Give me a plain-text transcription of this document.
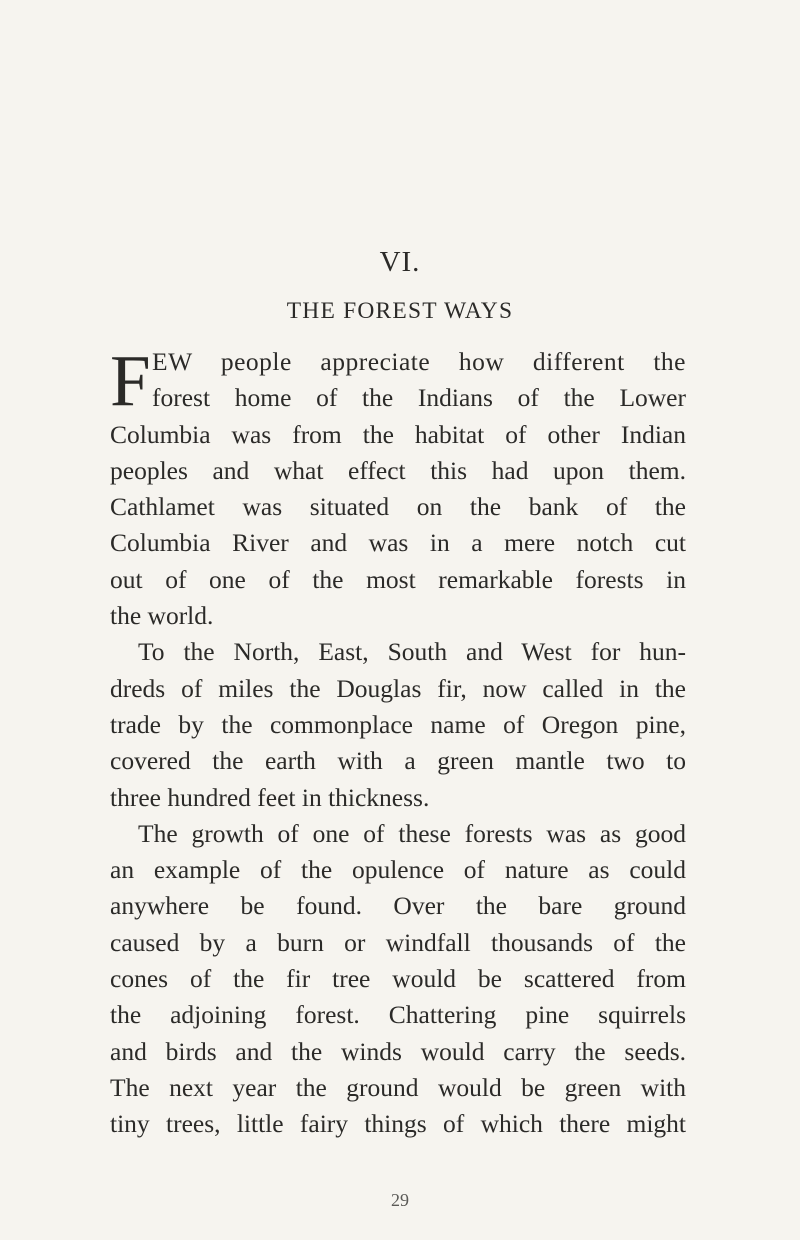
VI.
THE FOREST WAYS
F EW people appreciate how different the
forest home of the Indians of the Lower
Columbia was from the habitat of other Indian
peoples and what effect this had upon them.
Cathlamet was situated on the bank of the
Columbia River and was in a mere notch cut
out of one of the most remarkable forests in
the world.
To the North, East, South and West for hun-
dreds of miles the Douglas fir, now called in the
trade by the commonplace name of Oregon pine,
covered the earth with a green mantle two to
three hundred feet in thickness.
The growth of one of these forests was as good
an example of the opulence of nature as could
anywhere be found. Over the bare ground
caused by a burn or windfall thousands of the
cones of the fir tree would be scattered from
the adjoining forest. Chattering pine squirrels
and birds and the winds would carry the seeds.
The next year the ground would be green with
tiny trees, little fairy things of which there might
29
